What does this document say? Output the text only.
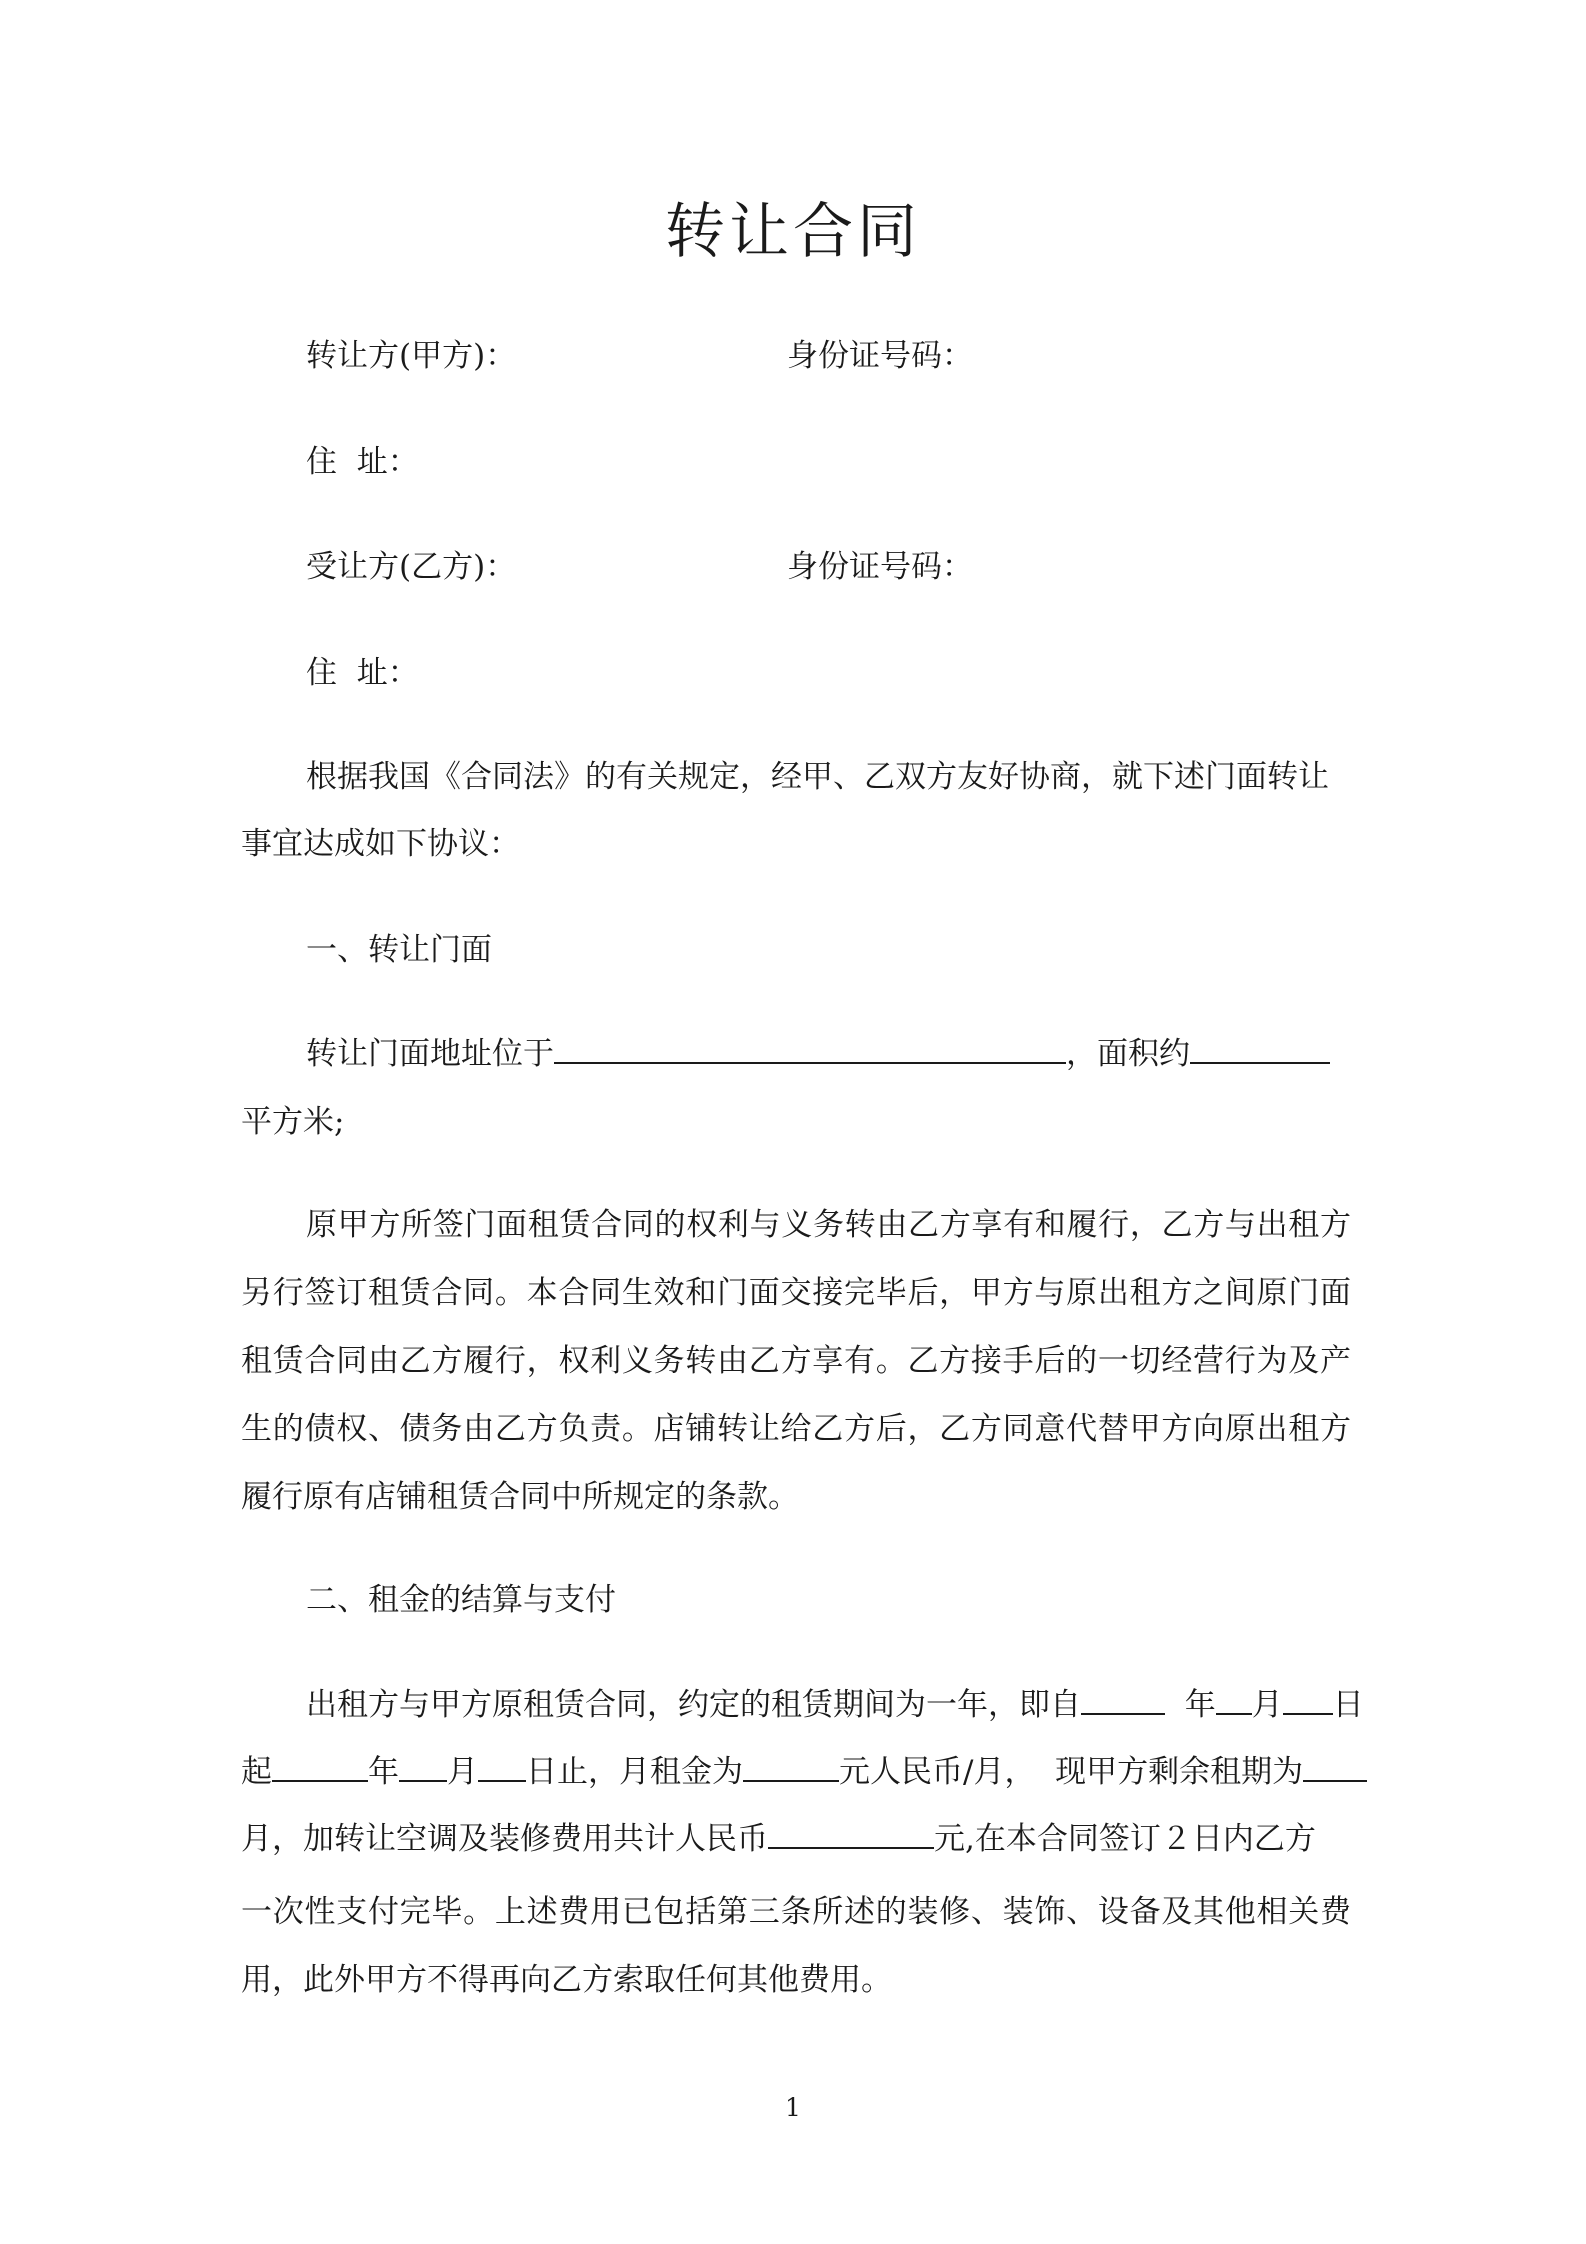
转让合同
转让方(甲方)：	身份证号码：
住  址：
受让方(乙方)：	身份证号码：
住  址：
根据我国《合同法》的有关规定，经甲、乙双方友好协商，就下述门面转让
事宜达成如下协议：
一、转让门面
转让门面地址位于	，面积约
平方米;
原甲方所签门面租赁合同的权利与义务转由乙方享有和履行，乙方与出租方另行签订租赁合同。本合同生效和门面交接完毕后，甲方与原出租方之间原门面租赁合同由乙方履行，权利义务转由乙方享有。乙方接手后的一切经营行为及产生的债权、债务由乙方负责。店铺转让给乙方后，乙方同意代替甲方向原出租方履行原有店铺租赁合同中所规定的条款。
二、租金的结算与支付
出租方与甲方原租赁合同，约定的租赁期间为一年，即自	年 月 日
起	年 月 日止，月租金为	元人民币/月， 现甲方剩余租期为
月，加转让空调及装修费用共计人民币	元,在本合同签订２日内乙方
一次性支付完毕。上述费用已包括第三条所述的装修、装饰、设备及其他相关费用，此外甲方不得再向乙方索取任何其他费用。
1
